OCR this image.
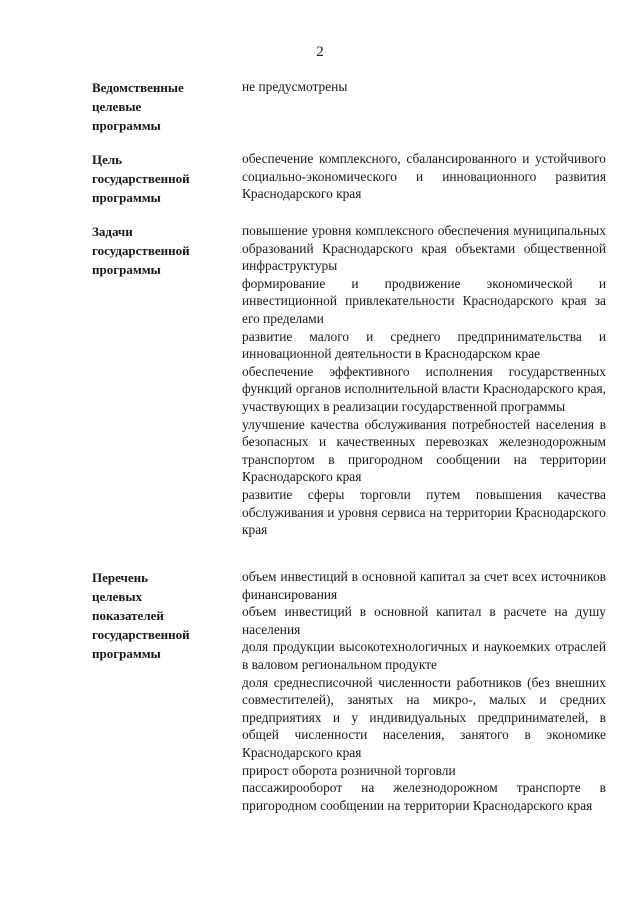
2
Ведомственные
целевые
программы

не предусмотрены

Цель
государственной
программы

обеспечение комплексного, сбалансированного и устойчивого социально-экономического и инновационного развития Краснодарского края

Задачи
государственной
программы

повышение уровня комплексного обеспечения муниципальных образований Краснодарского края объектами общественной инфраструктуры

формирование и продвижение экономической и инвестиционной привлекательности Краснодарского края за его пределами

развитие малого и среднего предпринимательства и инновационной деятельности в Краснодарском крае

обеспечение эффективного исполнения государственных функций органов исполнительной власти Краснодарского края, участвующих в реализации государственной программы

улучшение качества обслуживания потребностей населения в безопасных и качественных перевозках железнодорожным транспортом в пригородном сообщении на территории Краснодарского края

развитие сферы торговли путем повышения качества обслуживания и уровня сервиса на территории Краснодарского края

Перечень
целевых
показателей
государственной
программы

объем инвестиций в основной капитал за счет всех источников финансирования

объем инвестиций в основной капитал в расчете на душу населения

доля продукции высокотехнологичных и наукоемких отраслей в валовом региональном продукте

доля среднесписочной численности работников (без внешних совместителей), занятых на микро-, малых и средних предприятиях и у индивидуальных предпринимателей, в общей численности населения, занятого в экономике Краснодарского края

прирост оборота розничной торговли

пассажирооборот на железнодорожном транспорте в пригородном сообщении на территории Краснодарского края
